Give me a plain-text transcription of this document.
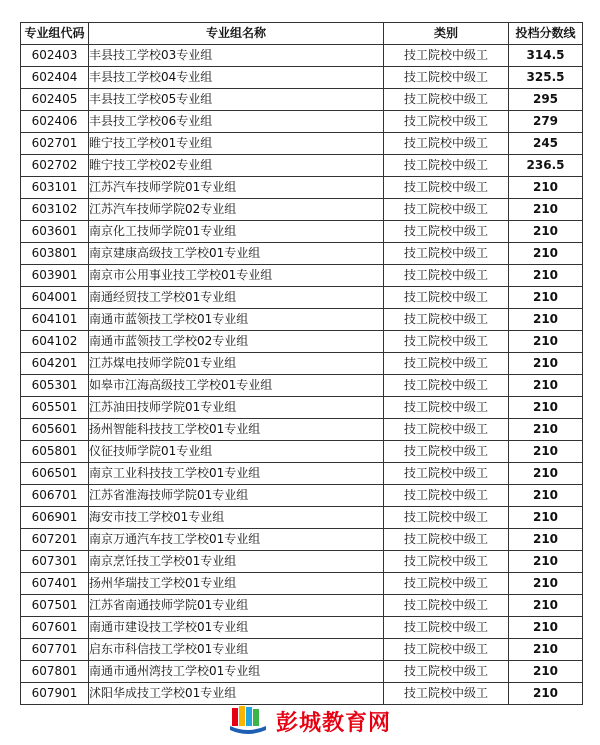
专业组代码	专业组名称	类别	投档分数线
602403	丰县技工学校03专业组	技工院校中级工	314.5
602404	丰县技工学校04专业组	技工院校中级工	325.5
602405	丰县技工学校05专业组	技工院校中级工	295
602406	丰县技工学校06专业组	技工院校中级工	279
602701	睢宁技工学校01专业组	技工院校中级工	245
602702	睢宁技工学校02专业组	技工院校中级工	236.5
603101	江苏汽车技师学院01专业组	技工院校中级工	210
603102	江苏汽车技师学院02专业组	技工院校中级工	210
603601	南京化工技师学院01专业组	技工院校中级工	210
603801	南京建康高级技工学校01专业组	技工院校中级工	210
603901	南京市公用事业技工学校01专业组	技工院校中级工	210
604001	南通经贸技工学校01专业组	技工院校中级工	210
604101	南通市蓝领技工学校01专业组	技工院校中级工	210
604102	南通市蓝领技工学校02专业组	技工院校中级工	210
604201	江苏煤电技师学院01专业组	技工院校中级工	210
605301	如皋市江海高级技工学校01专业组	技工院校中级工	210
605501	江苏油田技师学院01专业组	技工院校中级工	210
605601	扬州智能科技技工学校01专业组	技工院校中级工	210
605801	仪征技师学院01专业组	技工院校中级工	210
606501	南京工业科技技工学校01专业组	技工院校中级工	210
606701	江苏省淮海技师学院01专业组	技工院校中级工	210
606901	海安市技工学校01专业组	技工院校中级工	210
607201	南京万通汽车技工学校01专业组	技工院校中级工	210
607301	南京烹饪技工学校01专业组	技工院校中级工	210
607401	扬州华瑞技工学校01专业组	技工院校中级工	210
607501	江苏省南通技师学院01专业组	技工院校中级工	210
607601	南通市建设技工学校01专业组	技工院校中级工	210
607701	启东市科信技工学校01专业组	技工院校中级工	210
607801	南通市通州湾技工学校01专业组	技工院校中级工	210
607901	沭阳华成技工学校01专业组	技工院校中级工	210
彭城教育网
